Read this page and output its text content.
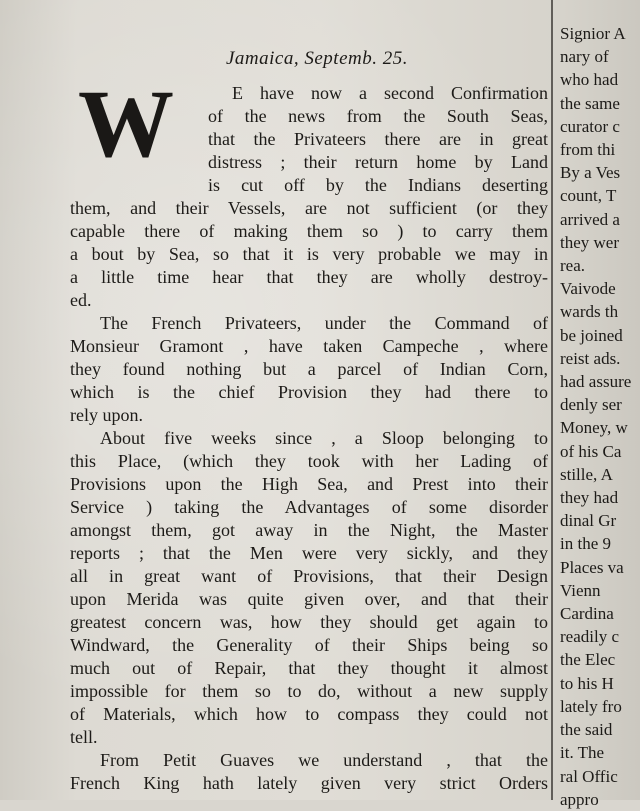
Jamaica, Septemb. 25.
W	E have now a second Confirmation
of the news from the South Seas,
that the Privateers there are in great
distress ; their return home by Land
is cut off by the Indians deserting
them, and their Vessels, are not sufficient (or they
capable there of making them so ) to carry them
a bout by Sea, so that it is very probable we may in
a little time hear that they are wholly destroy-
ed.
The French Privateers, under the Command of
Monsieur Gramont , have taken Campeche , where
they found nothing but a parcel of Indian Corn,
which is the chief Provision they had there to
rely upon.
About five weeks since , a Sloop belonging to
this Place, (which they took with her Lading of
Provisions upon the High Sea, and Prest into their
Service ) taking the Advantages of some disorder
amongst them, got away in the Night, the Master
reports ; that the Men were very sickly, and they
all in great want of Provisions, that their Design
upon Merida was quite given over, and that their
greatest concern was, how they should get again to
Windward, the Generality of their Ships being so
much out of Repair, that they thought it almost
impossible for them so to do, without a new supply
of Materials, which how to compass they could not
tell.
From Petit Guaves we understand , that the
French King hath lately given very strict Orders
Signior A
nary of
who had
the same
curator c
from thi
By a Ves
count, T
arrived a
they wer
rea.
Vaivode
wards th
be joined
reist ads.
had assure
denly ser
Money, w
of his Ca
stille, A
they had
dinal Gr
in the 9
Places va
Vienn
Cardina
readily c
the Elec
to his H
lately fro
the said
it. The
ral Offic
appro
